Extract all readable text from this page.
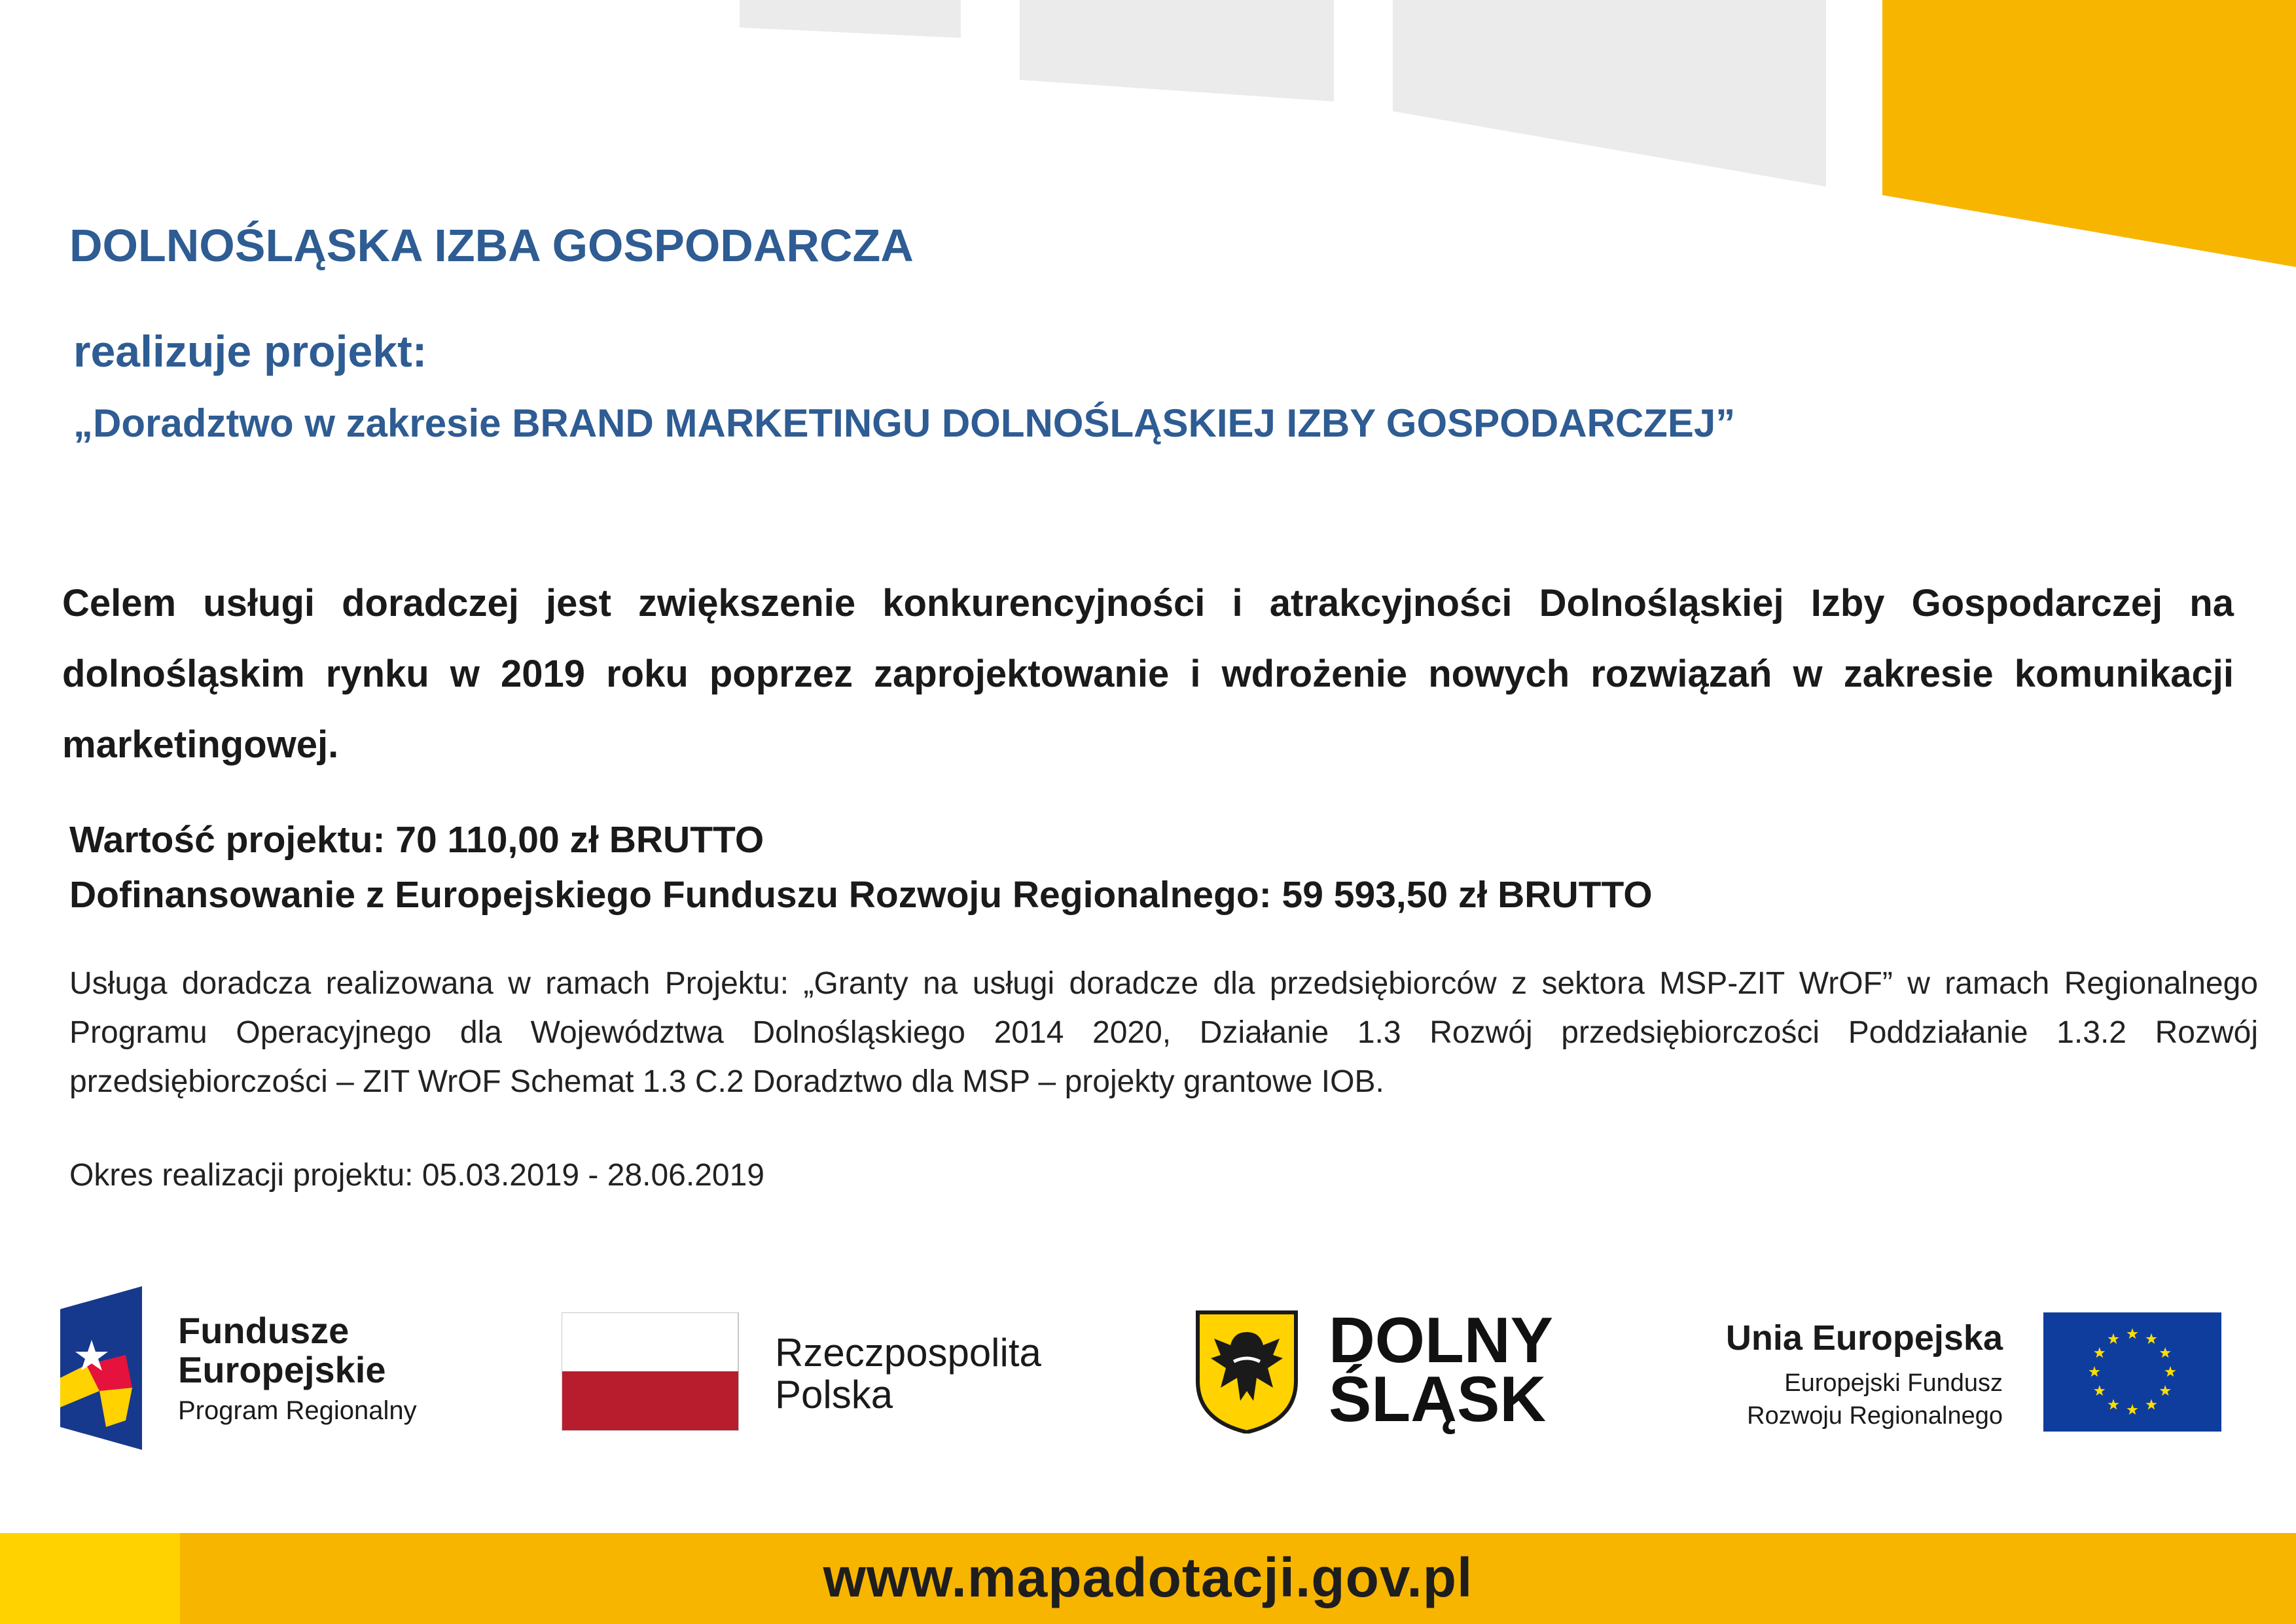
DOLNOŚLĄSKA IZBA GOSPODARCZA
realizuje projekt:
„Doradztwo w zakresie BRAND MARKETINGU DOLNOŚLĄSKIEJ IZBY GOSPODARCZEJ”
Celem usługi doradczej jest zwiększenie konkurencyjności i atrakcyjności Dolnośląskiej Izby Gospodarczej na dolnośląskim rynku w 2019 roku poprzez zaprojektowanie i wdrożenie nowych rozwiązań w zakresie komunikacji marketingowej.
Wartość projektu: 70 110,00 zł BRUTTO
Dofinansowanie z Europejskiego Funduszu Rozwoju Regionalnego: 59 593,50 zł BRUTTO
Usługa doradcza realizowana w ramach Projektu: „Granty na usługi doradcze dla przedsiębiorców z sektora MSP-ZIT WrOF” w ramach Regionalnego Programu Operacyjnego dla Województwa Dolnośląskiego 2014 2020, Działanie 1.3 Rozwój przedsiębiorczości Poddziałanie 1.3.2 Rozwój przedsiębiorczości – ZIT WrOF Schemat 1.3 C.2 Doradztwo dla MSP – projekty grantowe IOB.
Okres realizacji projektu: 05.03.2019 - 28.06.2019
Fundusze
Europejskie
Program Regionalny
Rzeczpospolita
Polska
DOLNY
ŚLĄSK
Unia Europejska
Europejski Fundusz
Rozwoju Regionalnego
www.mapadotacji.gov.pl
